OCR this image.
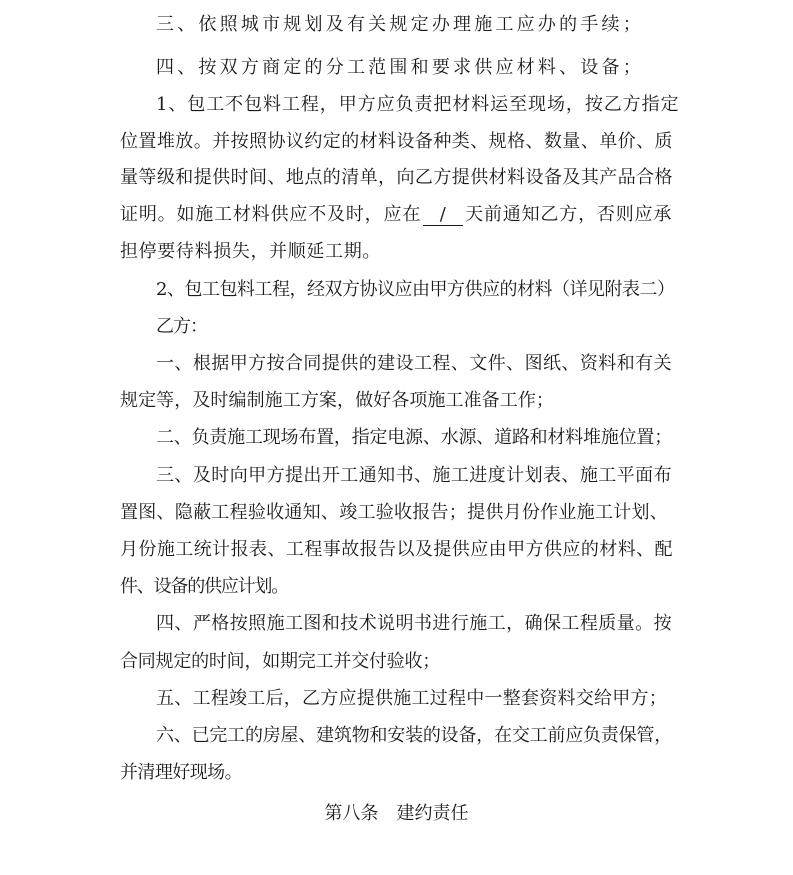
三、依照城市规划及有关规定办理施工应办的手续；
四、按双方商定的分工范围和要求供应材料、设备；
1、包工不包料工程，甲方应负责把材料运至现场，按乙方指定
位置堆放。并按照协议约定的材料设备种类、规格、数量、单价、质
量等级和提供时间、地点的清单，向乙方提供材料设备及其产品合格
证明。如施工材料供应不及时，应在 / 天前通知乙方，否则应承
担停要待料损失，并顺延工期。
2、包工包料工程，经双方协议应由甲方供应的材料（详见附表二）
乙方：
一、根据甲方按合同提供的建设工程、文件、图纸、资料和有关
规定等，及时编制施工方案，做好各项施工准备工作；
二、负责施工现场布置，指定电源、水源、道路和材料堆施位置；
三、及时向甲方提出开工通知书、施工进度计划表、施工平面布
置图、隐蔽工程验收通知、竣工验收报告；提供月份作业施工计划、
月份施工统计报表、工程事故报告以及提供应由甲方供应的材料、配
件、设备的供应计划。
四、严格按照施工图和技术说明书进行施工，确保工程质量。按
合同规定的时间，如期完工并交付验收；
五、工程竣工后，乙方应提供施工过程中一整套资料交给甲方；
六、已完工的房屋、建筑物和安装的设备，在交工前应负责保管，
并清理好现场。
第八条　建约责任
